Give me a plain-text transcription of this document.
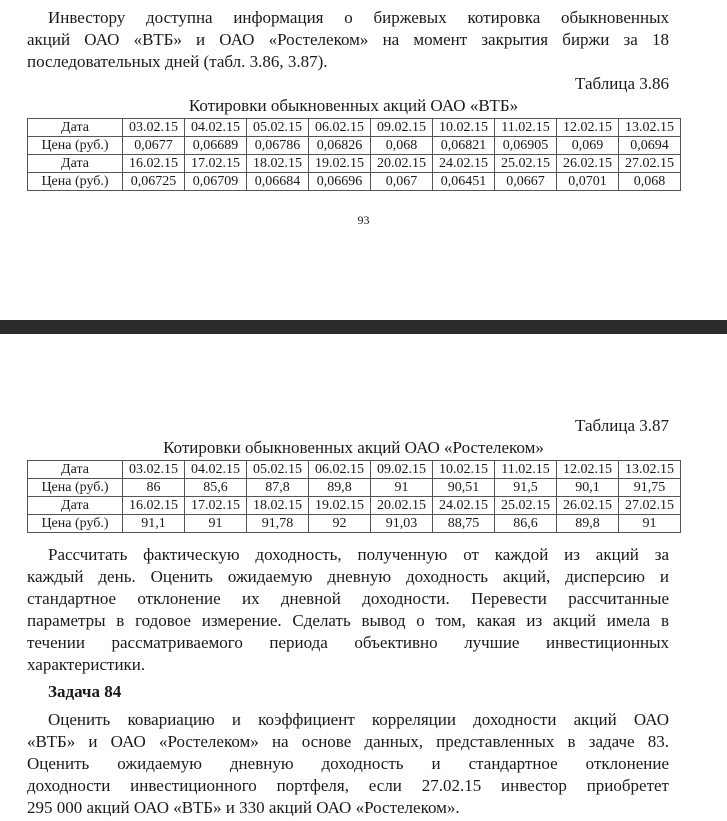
Инвестору доступна информация о биржевых котировка обыкновенных
акций ОАО «ВТБ» и ОАО «Ростелеком» на момент закрытия биржи за 18
последовательных дней (табл. 3.86, 3.87).
Таблица 3.86
Котировки обыкновенных акций ОАО «ВТБ»
Дата	03.02.15	04.02.15	05.02.15	06.02.15	09.02.15	10.02.15	11.02.15	12.02.15	13.02.15
Цена (руб.)	0,0677	0,06689	0,06786	0,06826	0,068	0,06821	0,06905	0,069	0,0694
Дата	16.02.15	17.02.15	18.02.15	19.02.15	20.02.15	24.02.15	25.02.15	26.02.15	27.02.15
Цена (руб.)	0,06725	0,06709	0,06684	0,06696	0,067	0,06451	0,0667	0,0701	0,068
93
Таблица 3.87
Котировки обыкновенных акций ОАО «Ростелеком»
Дата	03.02.15	04.02.15	05.02.15	06.02.15	09.02.15	10.02.15	11.02.15	12.02.15	13.02.15
Цена (руб.)	86	85,6	87,8	89,8	91	90,51	91,5	90,1	91,75
Дата	16.02.15	17.02.15	18.02.15	19.02.15	20.02.15	24.02.15	25.02.15	26.02.15	27.02.15
Цена (руб.)	91,1	91	91,78	92	91,03	88,75	86,6	89,8	91
Рассчитать фактическую доходность, полученную от каждой из акций за
каждый день. Оценить ожидаемую дневную доходность акций, дисперсию и
стандартное отклонение их дневной доходности. Перевести рассчитанные
параметры в годовое измерение. Сделать вывод о том, какая из акций имела в
течении рассматриваемого периода объективно лучшие инвестиционных
характеристики.
Задача 84
Оценить ковариацию и коэффициент корреляции доходности акций ОАО
«ВТБ» и ОАО «Ростелеком» на основе данных, представленных в задаче 83.
Оценить ожидаемую дневную доходность и стандартное отклонение
доходности инвестиционного портфеля, если 27.02.15 инвестор приобретет
295 000 акций ОАО «ВТБ» и 330 акций ОАО «Ростелеком».
